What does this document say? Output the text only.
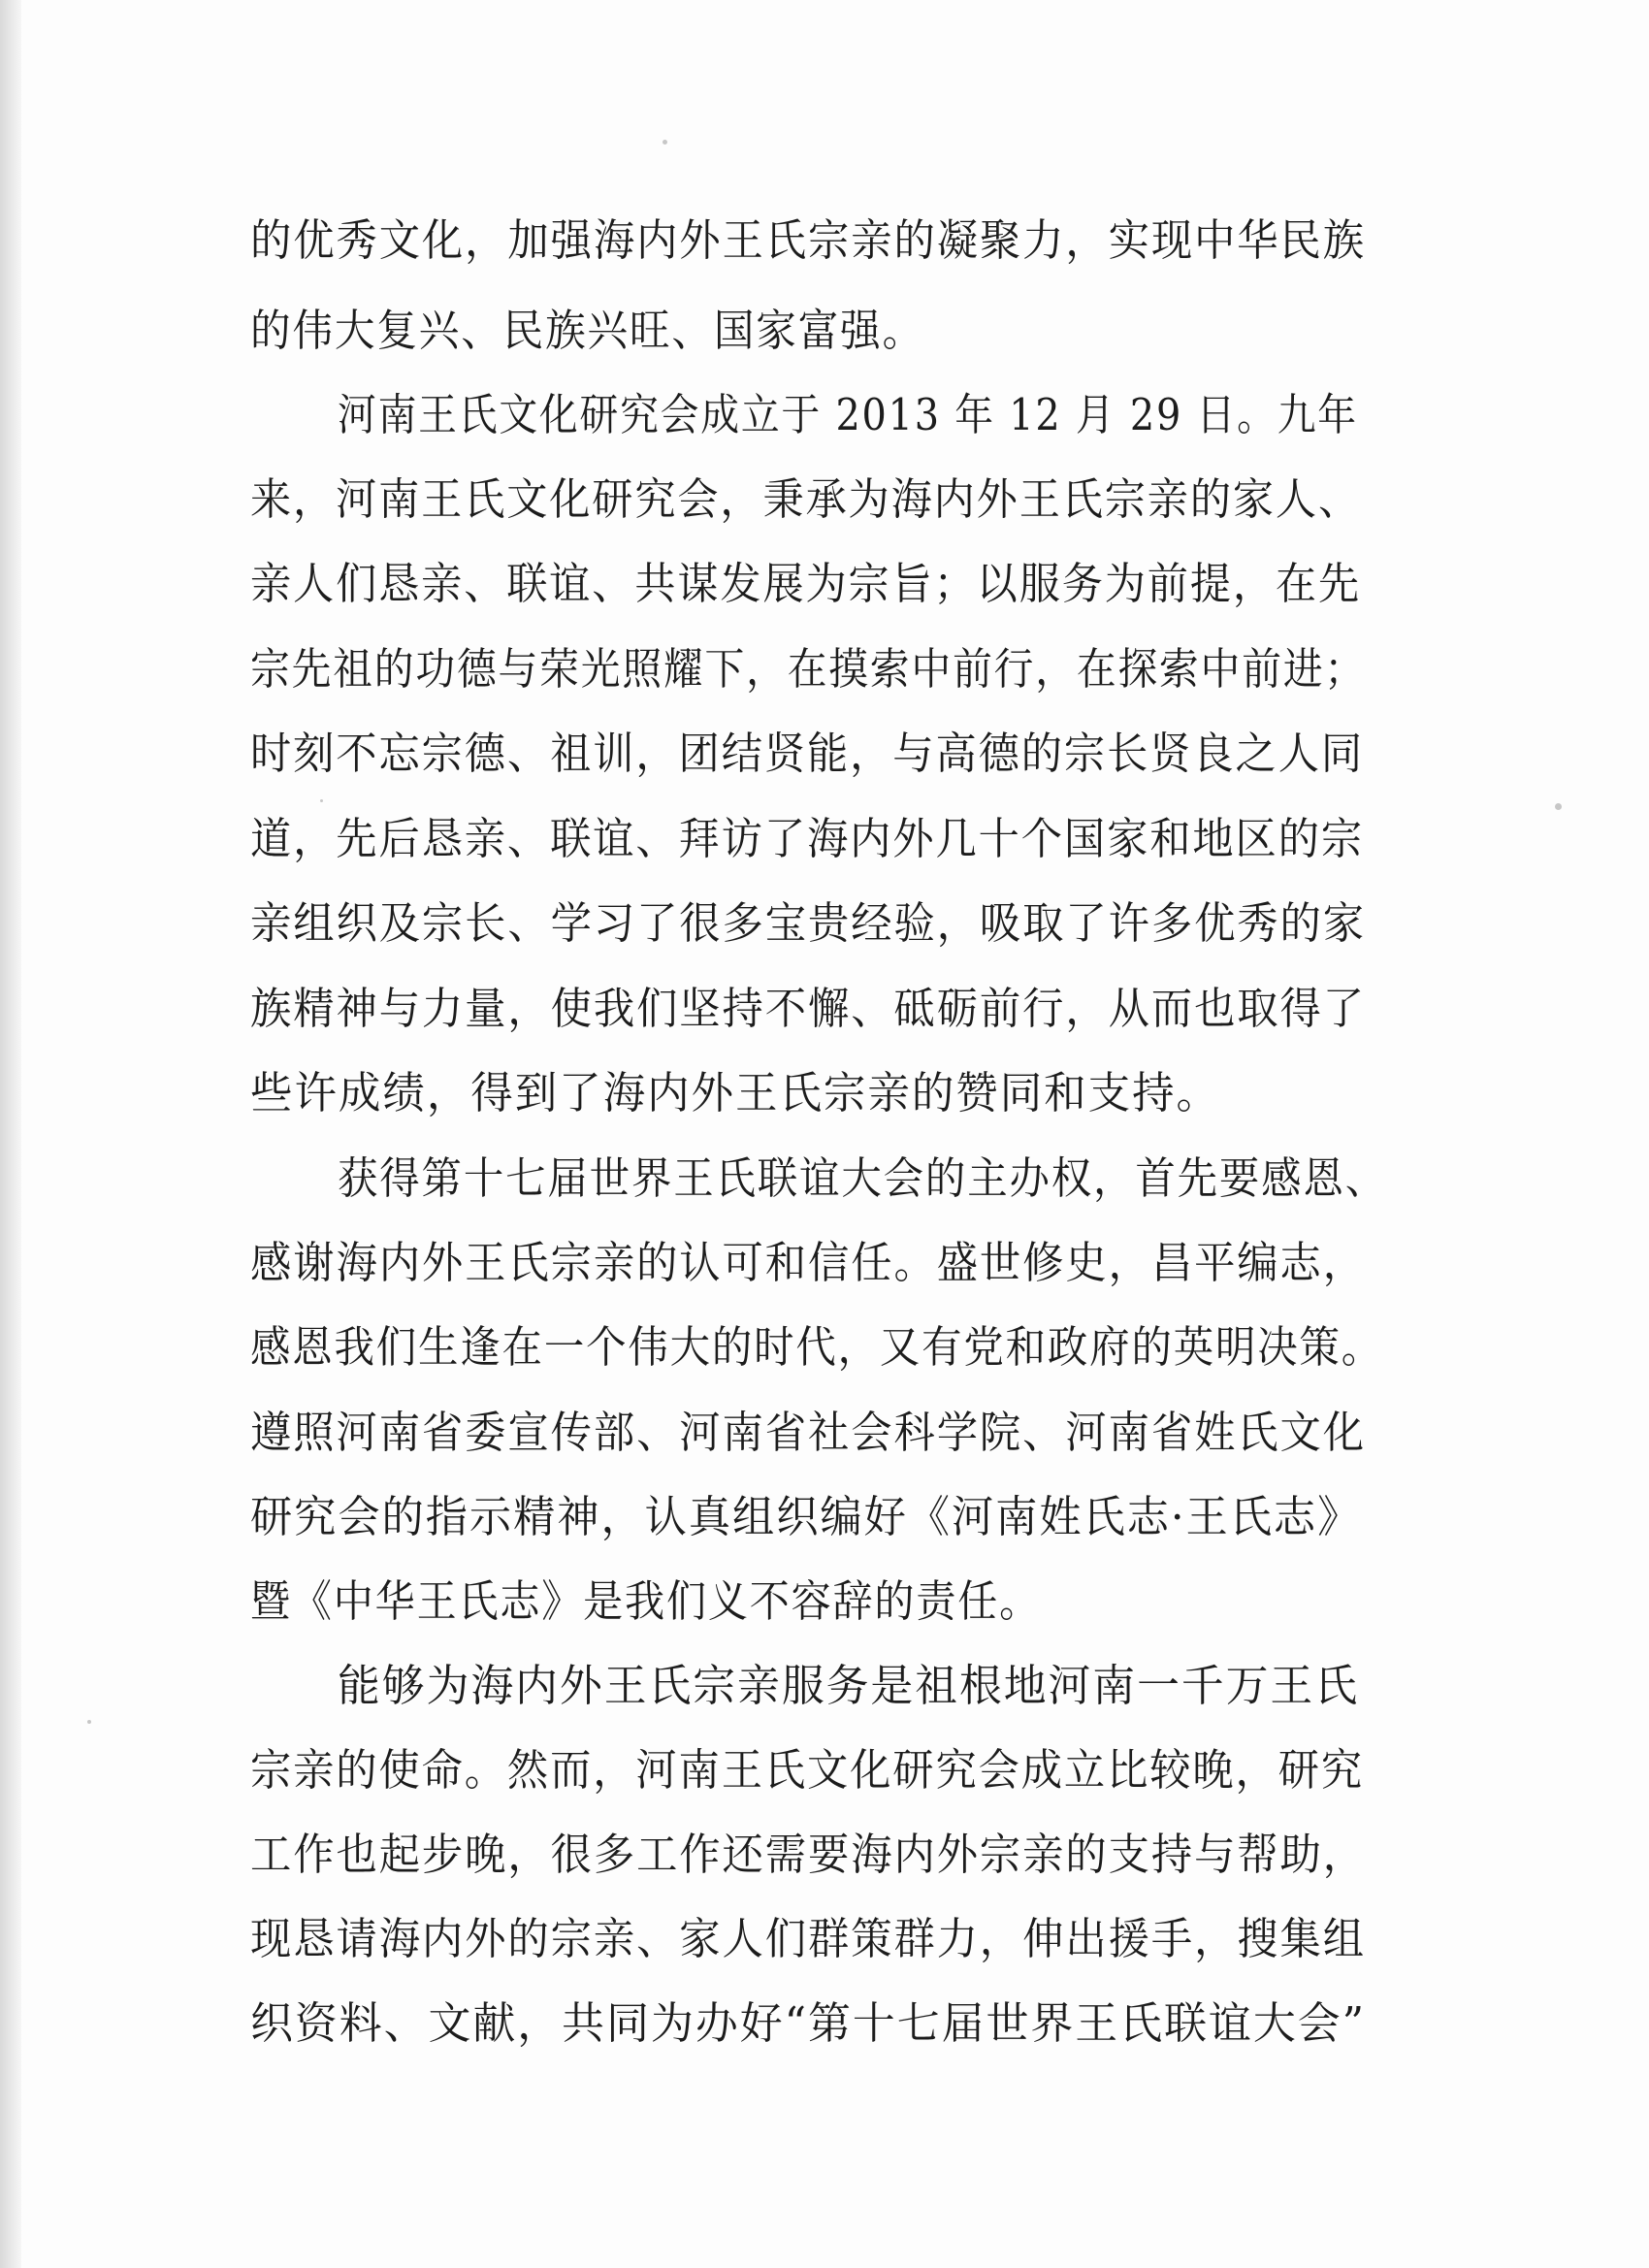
的优秀文化，加强海内外王氏宗亲的凝聚力，实现中华民族

的伟大复兴、民族兴旺、国家富强。

河南王氏文化研究会成立于 2013 年 12 月 29 日。九年

来，河南王氏文化研究会，秉承为海内外王氏宗亲的家人、

亲人们恳亲、联谊、共谋发展为宗旨；以服务为前提，在先

宗先祖的功德与荣光照耀下，在摸索中前行，在探索中前进；

时刻不忘宗德、祖训，团结贤能，与高德的宗长贤良之人同

道，先后恳亲、联谊、拜访了海内外几十个国家和地区的宗

亲组织及宗长、学习了很多宝贵经验，吸取了许多优秀的家

族精神与力量，使我们坚持不懈、砥砺前行，从而也取得了

些许成绩，得到了海内外王氏宗亲的赞同和支持。

获得第十七届世界王氏联谊大会的主办权，首先要感恩、

感谢海内外王氏宗亲的认可和信任。盛世修史，昌平编志，

感恩我们生逢在一个伟大的时代，又有党和政府的英明决策。

遵照河南省委宣传部、河南省社会科学院、河南省姓氏文化

研究会的指示精神，认真组织编好《河南姓氏志·王氏志》

暨《中华王氏志》是我们义不容辞的责任。

能够为海内外王氏宗亲服务是祖根地河南一千万王氏

宗亲的使命。然而，河南王氏文化研究会成立比较晚，研究

工作也起步晚，很多工作还需要海内外宗亲的支持与帮助，

现恳请海内外的宗亲、家人们群策群力，伸出援手，搜集组

织资料、文献，共同为办好“第十七届世界王氏联谊大会”
